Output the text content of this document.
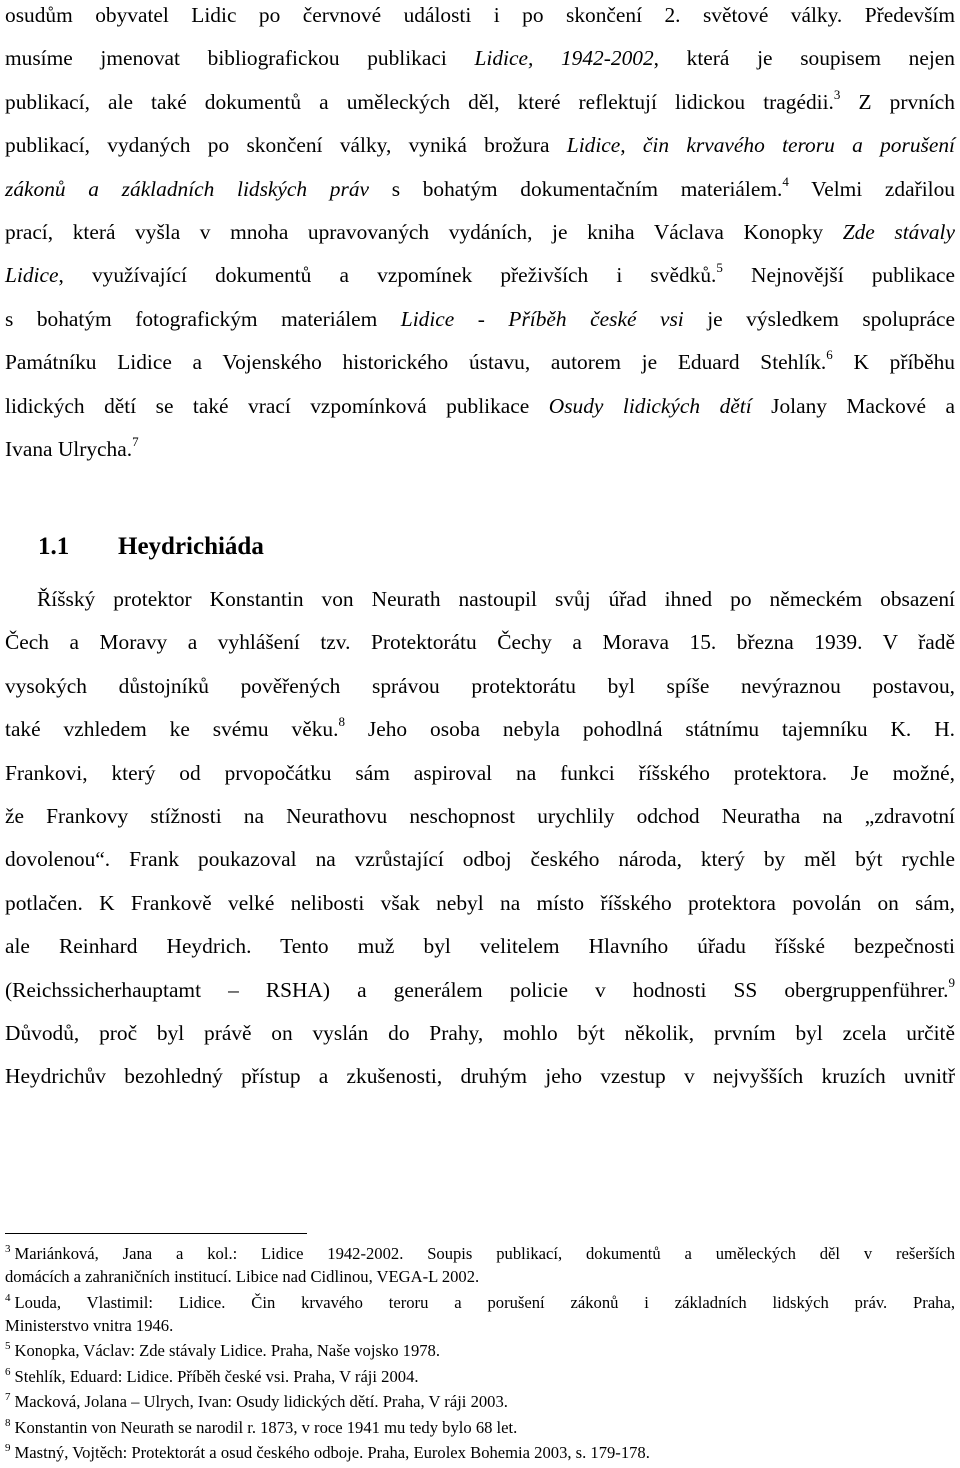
osudům obyvatel Lidic po červnové události i po skončení 2. světové války. Především
musíme jmenovat bibliografickou publikaci Lidice, 1942-2002, která je soupisem nejen
publikací, ale také dokumentů a uměleckých děl, které reflektují lidickou tragédii.$^3$ Z prvních
publikací, vydaných po skončení války, vyniká brožura Lidice, čin krvavého teroru a porušení
zákonů a základních lidských práv s bohatým dokumentačním materiálem.$^4$ Velmi zdařilou
prací, která vyšla v mnoha upravovaných vydáních, je kniha Václava Konopky Zde stávaly
Lidice, využívající dokumentů a vzpomínek přeživších i svědků.$^5$ Nejnovější publikace
s bohatým fotografickým materiálem Lidice - Příběh české vsi je výsledkem spolupráce
Památníku Lidice a Vojenského historického ústavu, autorem je Eduard Stehlík.$^6$ K příběhu
lidických dětí se také vrací vzpomínková publikace Osudy lidických dětí Jolany Mackové a
Ivana Ulrycha.$^7$
1.1 Heydrichiáda
Říšský protektor Konstantin von Neurath nastoupil svůj úřad ihned po německém obsazení
Čech a Moravy a vyhlášení tzv. Protektorátu Čechy a Morava 15. března 1939. V řadě
vysokých důstojníků pověřených správou protektorátu byl spíše nevýraznou postavou,
také vzhledem ke svému věku.$^8$ Jeho osoba nebyla pohodlná státnímu tajemníku K. H.
Frankovi, který od prvopočátku sám aspiroval na funkci říšského protektora. Je možné,
že Frankovy stížnosti na Neurathovu neschopnost urychlily odchod Neuratha na „zdravotní
dovolenou“. Frank poukazoval na vzrůstající odboj českého národa, který by měl být rychle
potlačen. K Frankově velké nelibosti však nebyl na místo říšského protektora povolán on sám,
ale Reinhard Heydrich. Tento muž byl velitelem Hlavního úřadu říšské bezpečnosti
(Reichssicherhauptamt – RSHA) a generálem policie v hodnosti SS obergruppenführer.$^9$
Důvodů, proč byl právě on vyslán do Prahy, mohlo být několik, prvním byl zcela určitě
Heydrichův bezohledný přístup a zkušenosti, druhým jeho vzestup v nejvyšších kruzích uvnitř
$^3$ Mariánková, Jana a kol.: Lidice 1942-2002. Soupis publikací, dokumentů a uměleckých děl v rešerších
domácích a zahraničních institucí. Libice nad Cidlinou, VEGA-L 2002.
$^4$ Louda, Vlastimil: Lidice. Čin krvavého teroru a porušení zákonů i základních lidských práv. Praha,
Ministerstvo vnitra 1946.
$^5$ Konopka, Václav: Zde stávaly Lidice. Praha, Naše vojsko 1978.
$^6$ Stehlík, Eduard: Lidice. Příběh české vsi. Praha, V ráji 2004.
$^7$ Macková, Jolana – Ulrych, Ivan: Osudy lidických dětí. Praha, V ráji 2003.
$^8$ Konstantin von Neurath se narodil r. 1873, v roce 1941 mu tedy bylo 68 let.
$^9$ Mastný, Vojtěch: Protektorát a osud českého odboje. Praha, Eurolex Bohemia 2003, s. 179-178.
